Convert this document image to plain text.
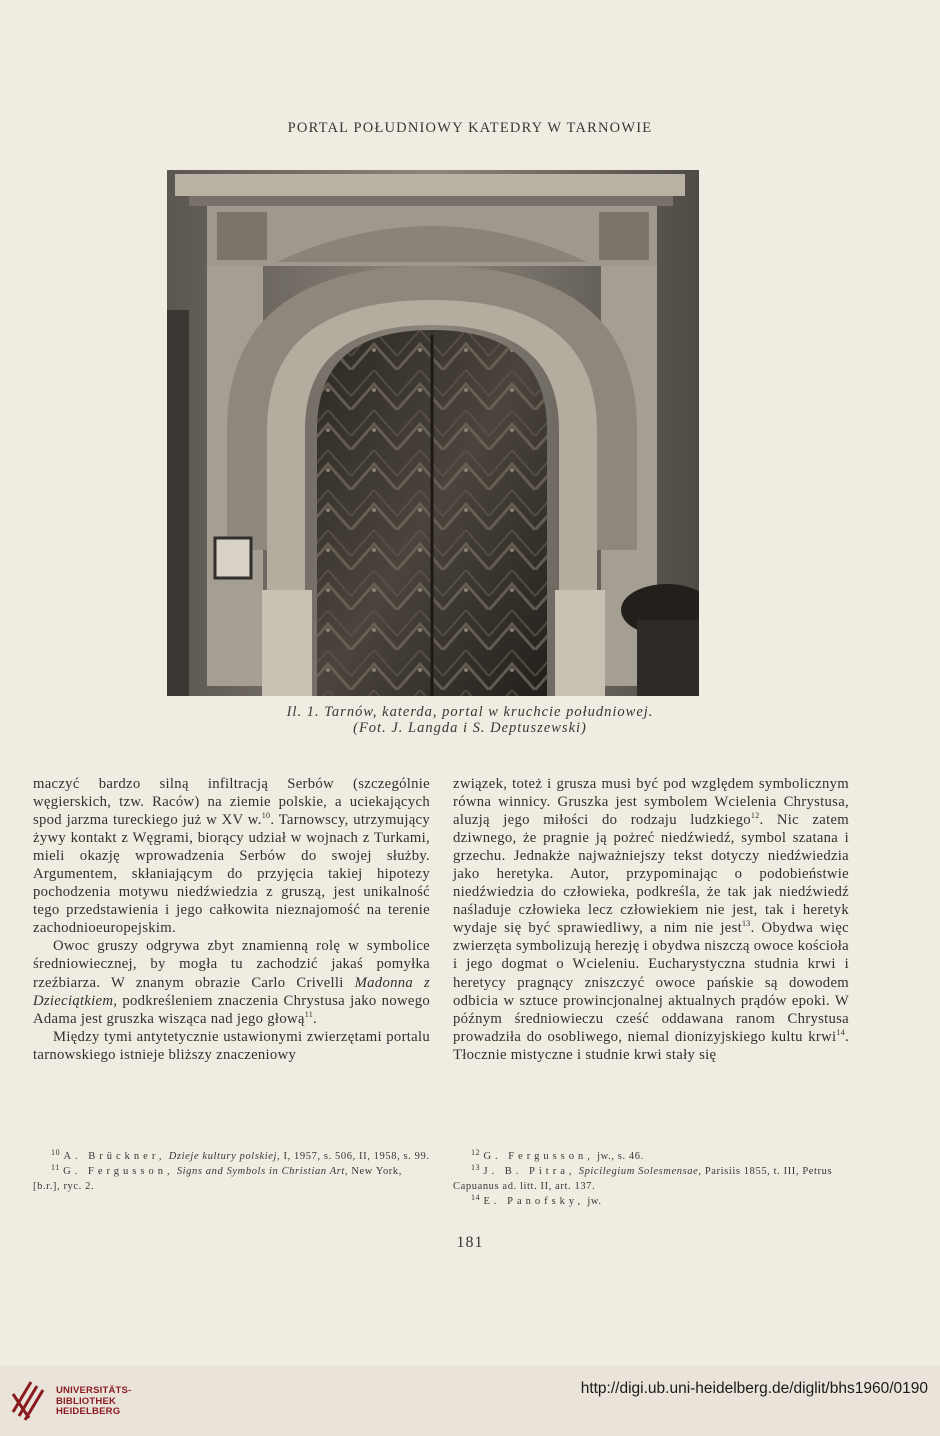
PORTAL POŁUDNIOWY KATEDRY W TARNOWIE
Il. 1. Tarnów, katerda, portal w kruchcie południowej.
(Fot. J. Langda i S. Deptuszewski)

maczyć bardzo silną infiltracją Serbów (szczególnie węgierskich, tzw. Raców) na ziemie polskie, a uciekających spod jarzma tureckiego już w XV w.$^{10}$. Tarnowscy, utrzymujący żywy kontakt z Węgrami, biorący udział w wojnach z Turkami, mieli okazję wprowadzenia Serbów do swojej służby. Argumentem, skłaniającym do przyjęcia takiej hipotezy pochodzenia motywu niedźwiedzia z gruszą, jest unikalność tego przedstawienia i jego całkowita nieznajomość na terenie zachodnioeuropejskim.

Owoc gruszy odgrywa zbyt znamienną rolę w symbolice średniowiecznej, by mogła tu zachodzić jakaś pomyłka rzeźbiarza. W znanym obrazie Carlo Crivelli Madonna z Dzieciątkiem, podkreśleniem znaczenia Chrystusa jako nowego Adama jest gruszka wisząca nad jego głową$^{11}$.

Między tymi antytetycznie ustawionymi zwierzętami portalu tarnowskiego istnieje bliższy znaczeniowy

związek, toteż i grusza musi być pod względem symbolicznym równa winnicy. Gruszka jest symbolem Wcielenia Chrystusa, aluzją jego miłości do rodzaju ludzkiego$^{12}$. Nic zatem dziwnego, że pragnie ją pożreć niedźwiedź, symbol szatana i grzechu. Jednakże najważniejszy tekst dotyczy niedźwiedzia jako heretyka. Autor, przypominając o podobieństwie niedźwiedzia do człowieka, podkreśla, że tak jak niedźwiedź naśladuje człowieka lecz człowiekiem nie jest, tak i heretyk wydaje się być sprawiedliwy, a nim nie jest$^{13}$. Obydwa więc zwierzęta symbolizują herezję i obydwa niszczą owoce kościoła i jego dogmat o Wcieleniu. Eucharystyczna studnia krwi i heretycy pragnący zniszczyć owoce pańskie są dowodem odbicia w sztuce prowincjonalnej aktualnych prądów epoki. W późnym średniowieczu cześć oddawana ranom Chrystusa prowadziła do osobliwego, niemal dionizyjskiego kultu krwi$^{14}$. Tłocznie mistyczne i studnie krwi stały się

$^{10}$ A. Brückner, Dzieje kultury polskiej, I, 1957, s. 506, II, 1958, s. 99.

$^{11}$ G. Fergusson, Signs and Symbols in Christian Art, New York, [b.r.], ryc. 2.

$^{12}$ G. Fergusson, jw., s. 46.

$^{13}$ J. B. Pitra, Spicilegium Solesmensae, Parisiis 1855, t. III, Petrus Capuanus ad. litt. II, art. 137.

$^{14}$ E. Panofsky, jw.

181
UNIVERSITÄTS-
BIBLIOTHEK
HEIDELBERG
http://digi.ub.uni-heidelberg.de/diglit/bhs1960/0190
